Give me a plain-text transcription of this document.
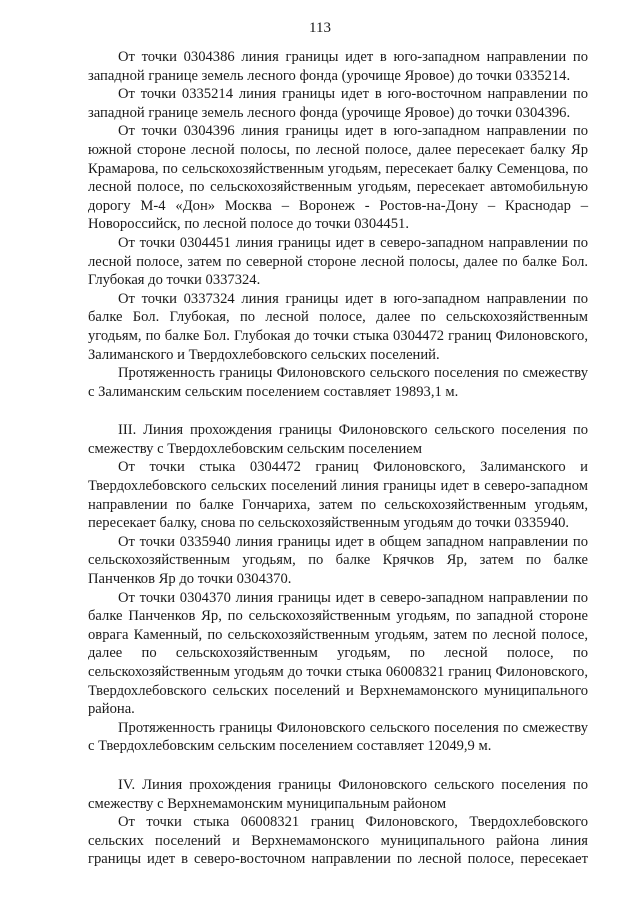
113

От точки 0304386 линия границы идет в юго-западном направлении по западной границе земель лесного фонда (урочище Яровое) до точки 0335214.

От точки 0335214 линия границы идет в юго-восточном направлении по западной границе земель лесного фонда (урочище Яровое) до точки 0304396.

От точки 0304396 линия границы идет в юго-западном направлении по южной стороне лесной полосы, по лесной полосе, далее пересекает балку Яр Крамарова, по сельскохозяйственным угодьям, пересекает балку Семенцова, по лесной полосе, по сельскохозяйственным угодьям, пересекает автомобильную дорогу М-4 «Дон» Москва – Воронеж - Ростов-на-Дону – Краснодар – Новороссийск, по лесной полосе до точки 0304451.

От точки 0304451 линия границы идет в северо-западном направлении по лесной полосе, затем по северной стороне лесной полосы, далее по балке Бол. Глубокая до точки 0337324.

От точки 0337324 линия границы идет в юго-западном направлении по балке Бол. Глубокая, по лесной полосе, далее по сельскохозяйственным угодьям, по балке Бол. Глубокая до точки стыка 0304472 границ Филоновского, Залиманского и Твердохлебовского сельских поселений.

Протяженность границы Филоновского сельского поселения по смежеству с Залиманским сельским поселением составляет 19893,1 м.

III. Линия прохождения границы Филоновского сельского поселения по смежеству с Твердохлебовским сельским поселением

От точки стыка 0304472 границ Филоновского, Залиманского и Твердохлебовского сельских поселений линия границы идет в северо-западном направлении по балке Гончариха, затем по сельскохозяйственным угодьям, пересекает балку, снова по сельскохозяйственным угодьям до точки 0335940.

От точки 0335940 линия границы идет в общем западном направлении по сельскохозяйственным угодьям, по балке Крячков Яр, затем по балке Панченков Яр до точки 0304370.

От точки 0304370 линия границы идет в северо-западном направлении по балке Панченков Яр, по сельскохозяйственным угодьям, по западной стороне оврага Каменный, по сельскохозяйственным угодьям, затем по лесной полосе, далее по сельскохозяйственным угодьям, по лесной полосе, по сельскохозяйственным угодьям до точки стыка 06008321 границ Филоновского, Твердохлебовского сельских поселений и Верхнемамонского муниципального района.

Протяженность границы Филоновского сельского поселения по смежеству с Твердохлебовским сельским поселением составляет 12049,9 м.

IV. Линия прохождения границы Филоновского сельского поселения по смежеству с Верхнемамонским муниципальным районом

От точки стыка 06008321 границ Филоновского, Твердохлебовского сельских поселений и Верхнемамонского муниципального района линия границы идет в северо-восточном направлении по лесной полосе, пересекает
